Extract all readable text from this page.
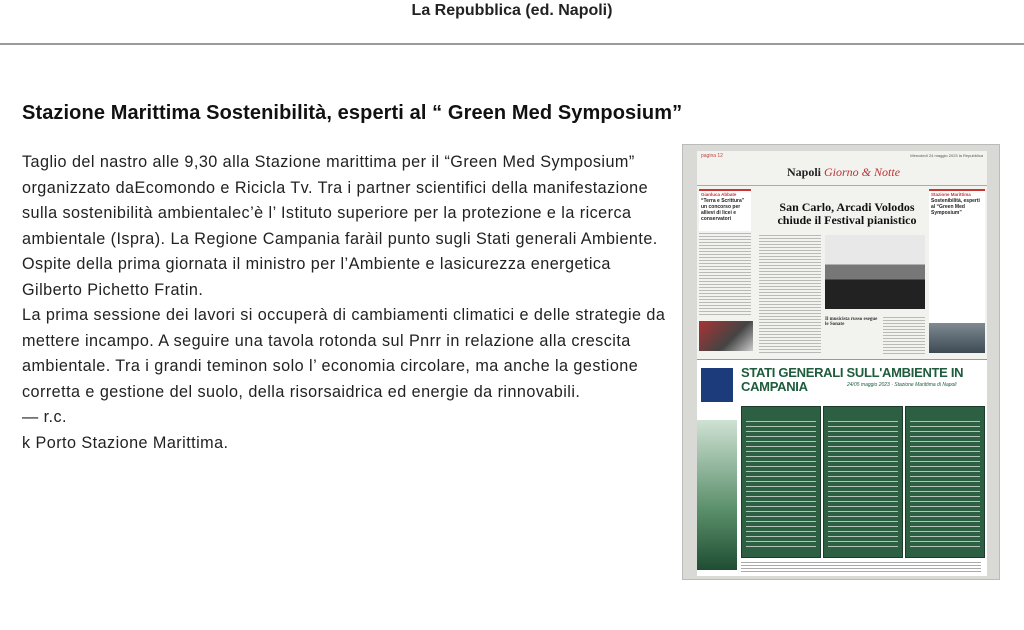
La Repubblica (ed. Napoli)
Stazione Marittima Sostenibilità, esperti al “ Green Med Symposium”

Taglio del nastro alle 9,30 alla Stazione marittima per il “Green Med Symposium” organizzato daEcomondo e Ricicla Tv. Tra i partner scientifici della manifestazione sulla sostenibilità ambientalec’è l’ Istituto superiore per la protezione e la ricerca ambientale (Ispra). La Regione Campania faràil punto sugli Stati generali Ambiente. Ospite della prima giornata il ministro per l’Ambiente e lasicurezza energetica Gilberto Pichetto Fratin.

La prima sessione dei lavori si occuperà di cambiamenti climatici e delle strategie da mettere incampo. A seguire una tavola rotonda sul Pnrr in relazione alla crescita ambientale. Tra i grandi teminon solo l’ economia circolare, ma anche la gestione corretta e gestione del suolo, della risorsaidrica ed energie da rinnovabili.

— r.c.

k Porto Stazione Marittima.

pagina 12
Napoli Giorno & Notte
Mercoledì 24 maggio 2023 la Repubblica
Gianluca Abbate
“Terra e Scrittura” un concorso per allievi di licei e conservatori
San Carlo, Arcadi Volodos chiude il Festival pianistico
Il musicista russo esegue le Sonate
Stazione Marittima
Sostenibilità, esperti al “Green Med Symposium”
STATI GENERALI SULL'AMBIENTE IN CAMPANIA	24/05 maggio 2023 · Stazione Marittima di Napoli
